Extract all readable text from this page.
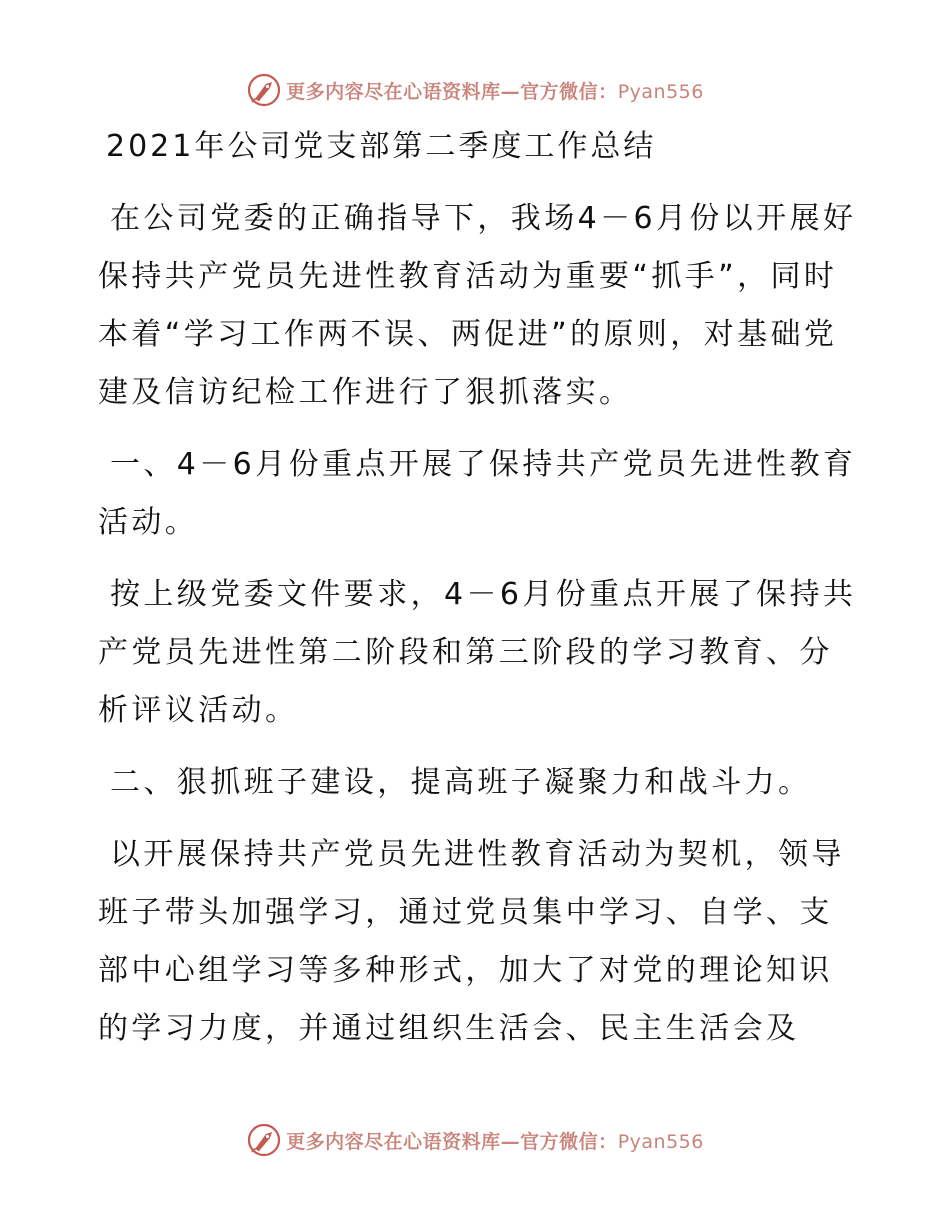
更多内容尽在心语资料库—官方微信：Pyan556
2021年公司党支部第二季度工作总结

在公司党委的正确指导下，我场4－6月份以开展好保持共产党员先进性教育活动为重要“抓手”，同时本着“学习工作两不误、两促进”的原则，对基础党建及信访纪检工作进行了狠抓落实。

一、4－6月份重点开展了保持共产党员先进性教育活动。

按上级党委文件要求，4－6月份重点开展了保持共产党员先进性第二阶段和第三阶段的学习教育、分析评议活动。

二、狠抓班子建设，提高班子凝聚力和战斗力。

以开展保持共产党员先进性教育活动为契机，领导班子带头加强学习，通过党员集中学习、自学、支部中心组学习等多种形式，加大了对党的理论知识的学习力度，并通过组织生活会、民主生活会及

更多内容尽在心语资料库—官方微信：Pyan556
